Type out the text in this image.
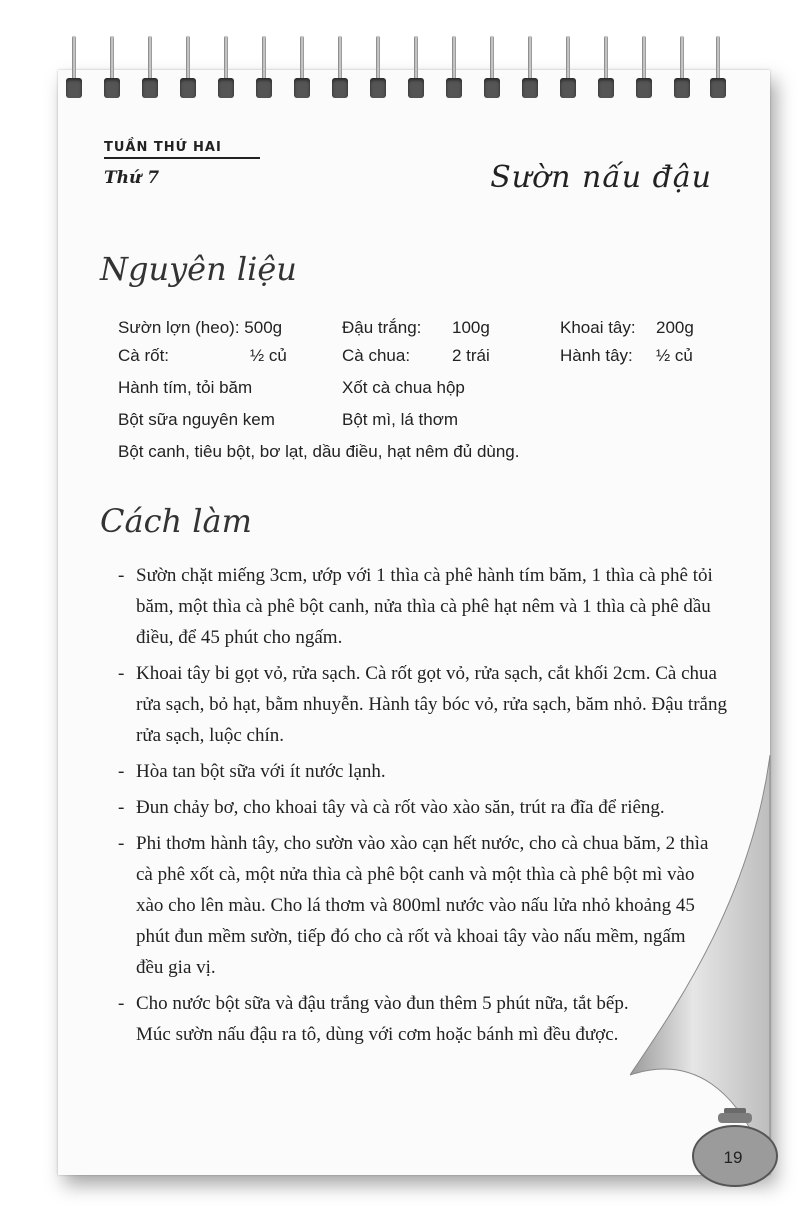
TUẦN THỨ HAI
Thứ 7	Sườn nấu đậu
Nguyên liệu
Sườn lợn (heo): 500g	Đậu trắng: 100g	Khoai tây: 200g
Cà rốt:	½ củ	Cà chua: 2 trái	Hành tây: ½ củ
Hành tím, tỏi băm	Xốt cà chua hộp
Bột sữa nguyên kem	Bột mì, lá thơm
Bột canh, tiêu bột, bơ lạt, dầu điều, hạt nêm đủ dùng.
Cách làm
- Sườn chặt miếng 3cm, ướp với 1 thìa cà phê hành tím băm, 1 thìa cà phê tỏi băm, một thìa cà phê bột canh, nửa thìa cà phê hạt nêm và 1 thìa cà phê dầu điều, để 45 phút cho ngấm.
- Khoai tây bi gọt vỏ, rửa sạch. Cà rốt gọt vỏ, rửa sạch, cắt khối 2cm. Cà chua rửa sạch, bỏ hạt, bằm nhuyễn. Hành tây bóc vỏ, rửa sạch, băm nhỏ. Đậu trắng rửa sạch, luộc chín.
- Hòa tan bột sữa với ít nước lạnh.
- Đun chảy bơ, cho khoai tây và cà rốt vào xào săn, trút ra đĩa để riêng.
- Phi thơm hành tây, cho sườn vào xào cạn hết nước, cho cà chua băm, 2 thìa cà phê xốt cà, một nửa thìa cà phê bột canh và một thìa cà phê bột mì vào xào cho lên màu. Cho lá thơm và 800ml nước vào nấu lửa nhỏ khoảng 45 phút đun mềm sườn, tiếp đó cho cà rốt và khoai tây vào nấu mềm, ngấm đều gia vị.
- Cho nước bột sữa và đậu trắng vào đun thêm 5 phút nữa, tắt bếp. Múc sườn nấu đậu ra tô, dùng với cơm hoặc bánh mì đều được.
19
